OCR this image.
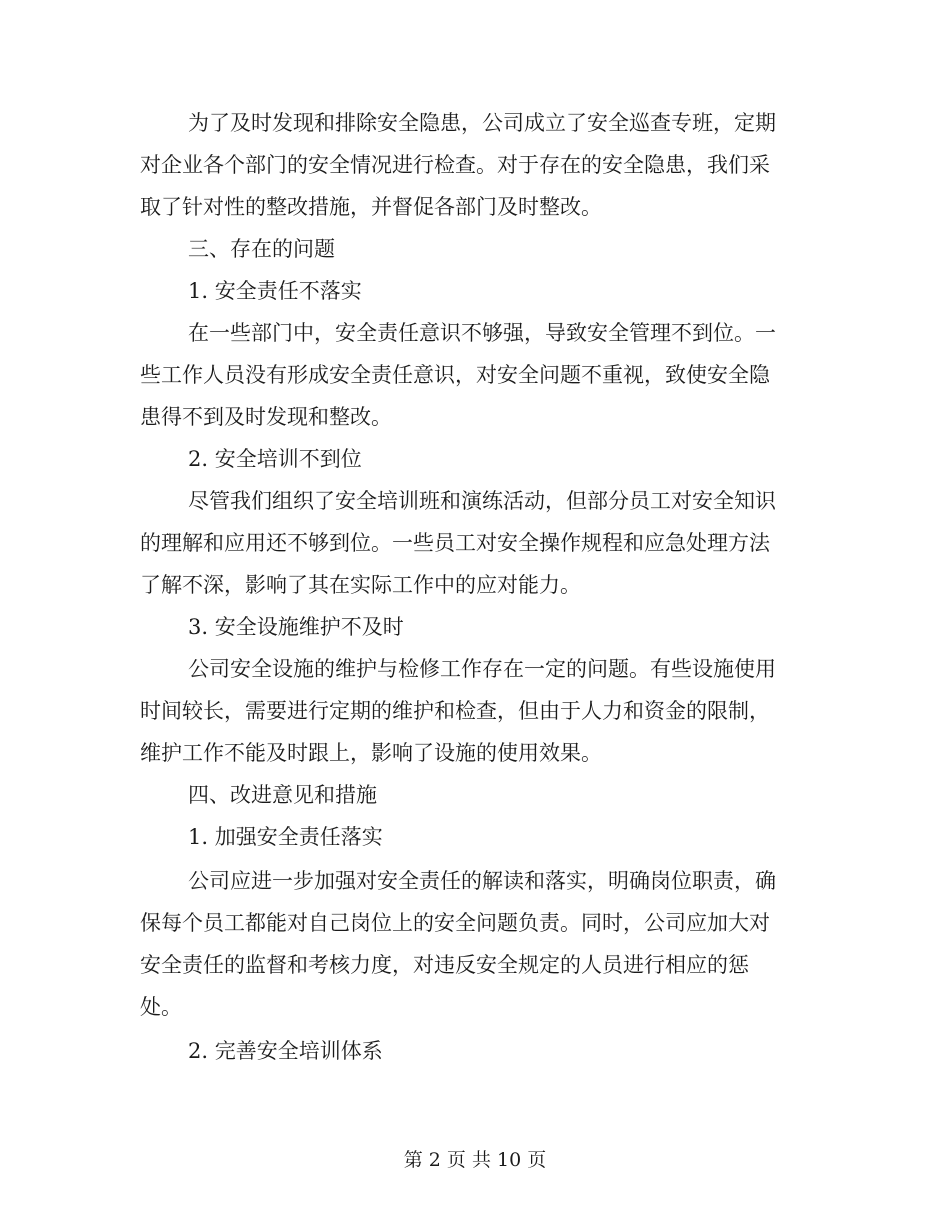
为了及时发现和排除安全隐患，公司成立了安全巡查专班，定期
对企业各个部门的安全情况进行检查。对于存在的安全隐患，我们采
取了针对性的整改措施，并督促各部门及时整改。
三、存在的问题
1. 安全责任不落实
在一些部门中，安全责任意识不够强，导致安全管理不到位。一
些工作人员没有形成安全责任意识，对安全问题不重视，致使安全隐
患得不到及时发现和整改。
2. 安全培训不到位
尽管我们组织了安全培训班和演练活动，但部分员工对安全知识
的理解和应用还不够到位。一些员工对安全操作规程和应急处理方法
了解不深，影响了其在实际工作中的应对能力。
3. 安全设施维护不及时
公司安全设施的维护与检修工作存在一定的问题。有些设施使用
时间较长，需要进行定期的维护和检查，但由于人力和资金的限制，
维护工作不能及时跟上，影响了设施的使用效果。
四、改进意见和措施
1. 加强安全责任落实
公司应进一步加强对安全责任的解读和落实，明确岗位职责，确
保每个员工都能对自己岗位上的安全问题负责。同时，公司应加大对
安全责任的监督和考核力度，对违反安全规定的人员进行相应的惩
处。
2. 完善安全培训体系
第 2 页 共 10 页
